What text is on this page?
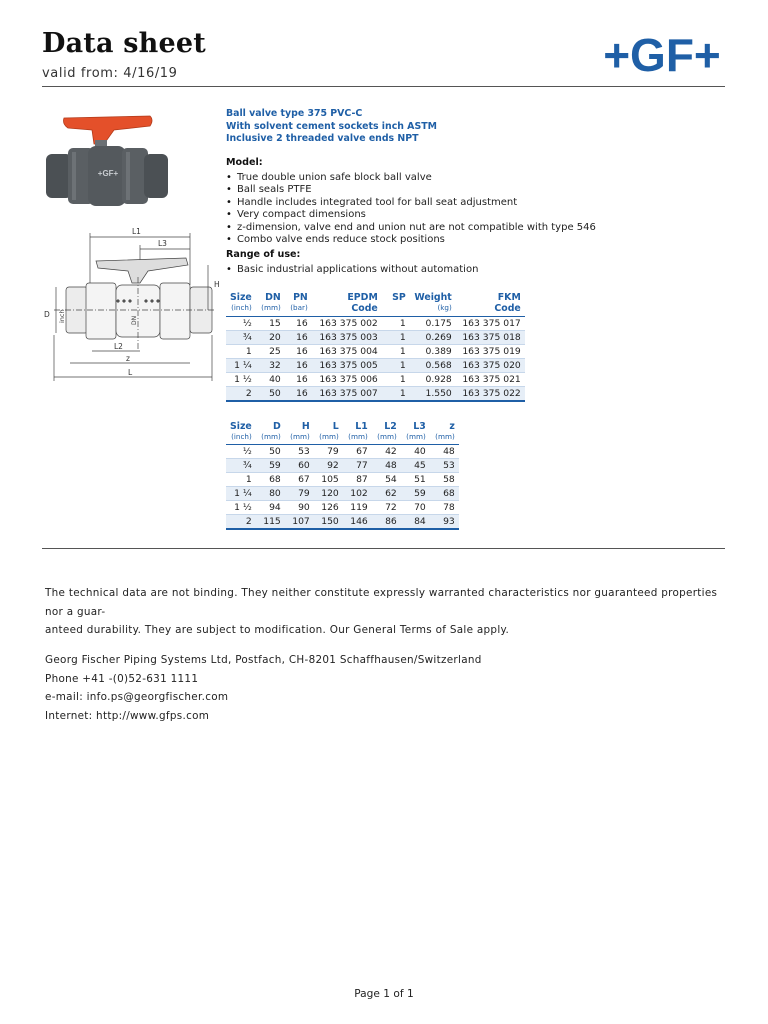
Data sheet
valid from: 4/16/19	+GF+
+GF+
L1
L3
H
D inch	DN
L2
z
L
Ball valve type 375 PVC-C
With solvent cement sockets inch ASTM
Inclusive 2 threaded valve ends NPT
Model:
• True double union safe block ball valve
• Ball seals PTFE
• Handle includes integrated tool for ball seat adjustment
• Very compact dimensions
• z-dimension, valve end and union nut are not compatible with type 546
• Combo valve ends reduce stock positions
Range of use:
• Basic industrial applications without automation
Size	DN	PN	EPDM	SP	Weight	FKM
(inch)	(mm)	(bar)	Code		(kg)	Code
½	15	16	163 375 002	1	0.175	163 375 017
¾	20	16	163 375 003	1	0.269	163 375 018
1	25	16	163 375 004	1	0.389	163 375 019
1 ¼	32	16	163 375 005	1	0.568	163 375 020
1 ½	40	16	163 375 006	1	0.928	163 375 021
2	50	16	163 375 007	1	1.550	163 375 022
Size	D	H	L	L1	L2	L3	z
(inch)	(mm)	(mm)	(mm)	(mm)	(mm)	(mm)	(mm)
½	50	53	79	67	42	40	48
¾	59	60	92	77	48	45	53
1	68	67	105	87	54	51	58
1 ¼	80	79	120	102	62	59	68
1 ½	94	90	126	119	72	70	78
2	115	107	150	146	86	84	93
The technical data are not binding. They neither constitute expressly warranted characteristics nor guaranteed properties nor a guar-
anteed durability. They are subject to modification. Our General Terms of Sale apply.
Georg Fischer Piping Systems Ltd, Postfach, CH-8201 Schaffhausen/Switzerland
Phone +41 -(0)52-631 1111
e-mail: info.ps@georgfischer.com
Internet: http://www.gfps.com
Page 1 of 1
